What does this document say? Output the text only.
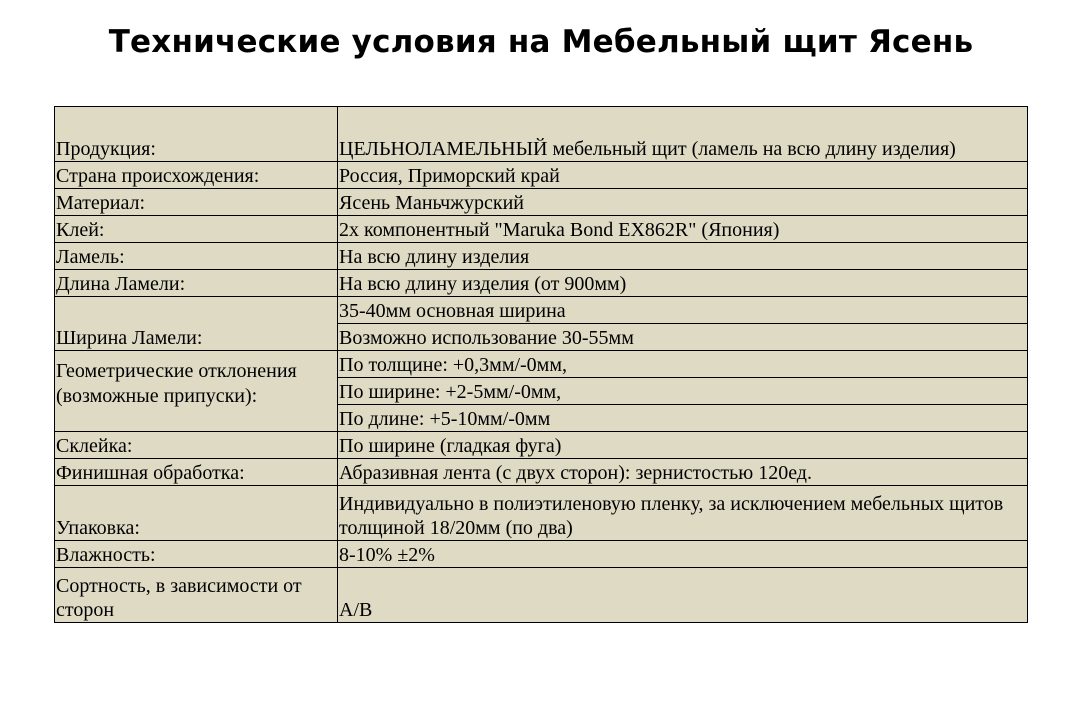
Технические условия на Мебельный щит Ясень
Продукция:	ЦЕЛЬНОЛАМЕЛЬНЫЙ мебельный щит (ламель на всю длину изделия)
Страна происхождения:	Россия, Приморский край
Материал:	Ясень Маньчжурский
Клей:	2х компонентный "Maruka Bond EX862R" (Япония)
Ламель:	На всю длину изделия
Длина Ламели:	На всю длину изделия (от 900мм)
Ширина Ламели:	35-40мм основная ширина
	Возможно использование 30-55мм
Геометрические отклонения (возможные припуски):	По толщине: +0,3мм/-0мм,
	По ширине: +2-5мм/-0мм,
	По длине: +5-10мм/-0мм
Склейка:	По ширине (гладкая фуга)
Финишная обработка:	Абразивная лента (с двух сторон): зернистостью 120ед.
Упаковка:	Индивидуально в полиэтиленовую пленку, за исключением мебельных щитов толщиной 18/20мм (по два)
Влажность:	8-10% ±2%
Сортность, в зависимости от сторон	A/B
